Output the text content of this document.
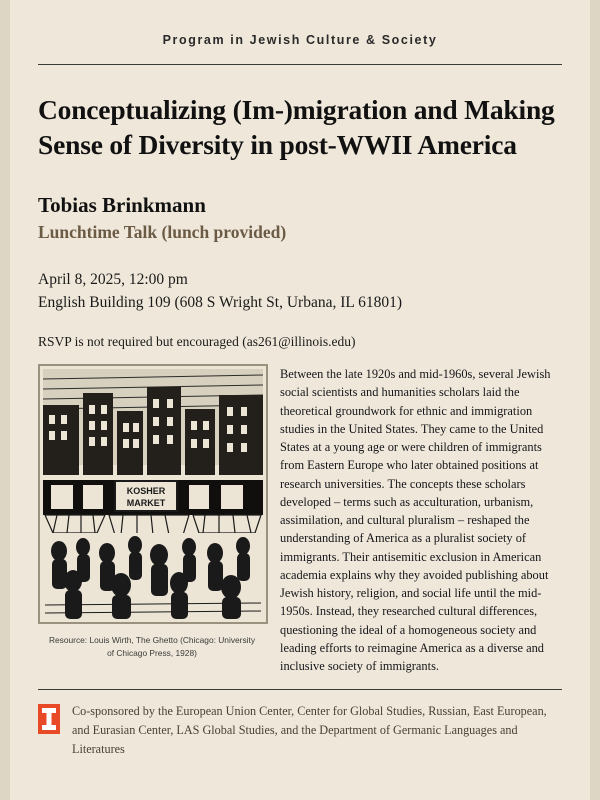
Program in Jewish Culture & Society
Conceptualizing (Im-)migration and Making Sense of Diversity in post-WWII America
Tobias Brinkmann
Lunchtime Talk (lunch provided)
April 8, 2025, 12:00 pm
English Building 109 (608 S Wright St, Urbana, IL 61801)
RSVP is not required but encouraged (as261@illinois.edu)
KOSHER
MARKET
Resource: Louis Wirth, The Ghetto (Chicago: University of Chicago Press, 1928)
Between the late 1920s and mid-1960s, several Jewish social scientists and humanities scholars laid the theoretical groundwork for ethnic and immigration studies in the United States. They came to the United States at a young age or were children of immigrants from Eastern Europe who later obtained positions at research universities. The concepts these scholars developed – terms such as acculturation, urbanism, assimilation, and cultural pluralism – reshaped the understanding of America as a pluralist society of immigrants. Their antisemitic exclusion in American academia explains why they avoided publishing about Jewish history, religion, and social life until the mid-1950s. Instead, they researched cultural differences, questioning the ideal of a homogeneous society and leading efforts to reimagine America as a diverse and inclusive society of immigrants.
Co-sponsored by the European Union Center, Center for Global Studies, Russian, East European, and Eurasian Center, LAS Global Studies, and the Department of Germanic Languages and Literatures
